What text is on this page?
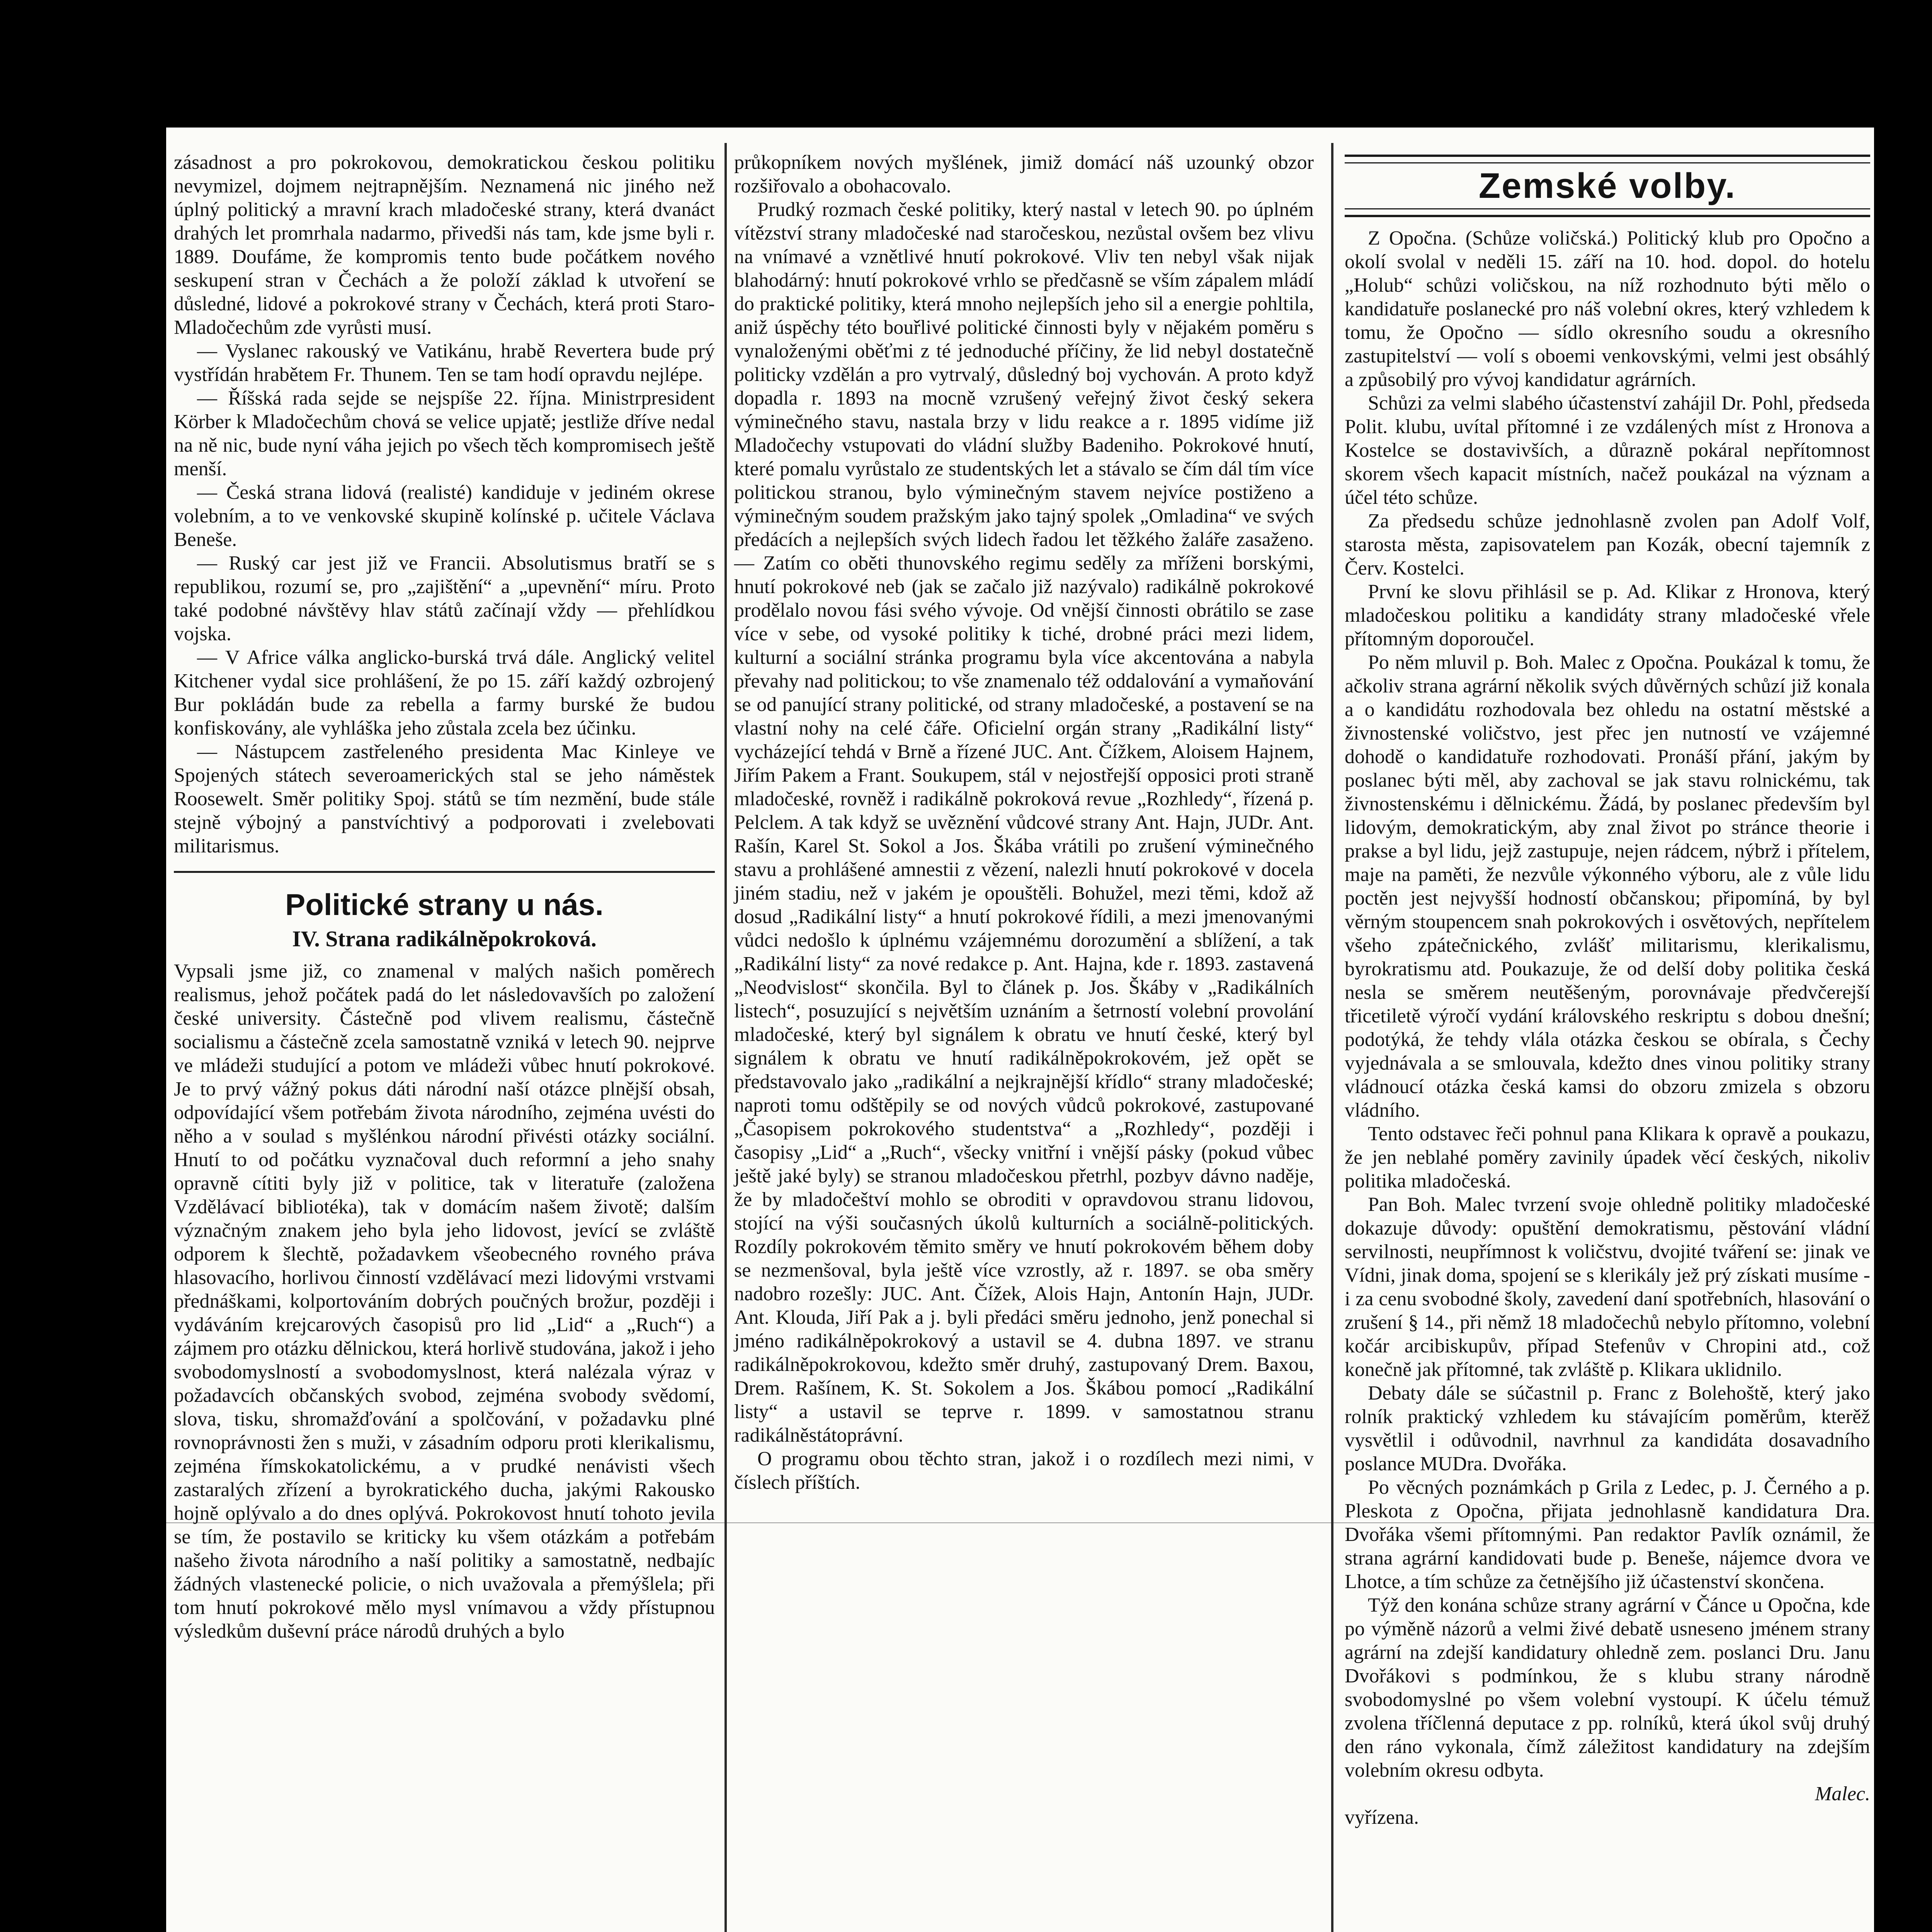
zásadnost a pro pokrokovou, demokratickou českou politiku nevymizel, dojmem nejtrapnějším. Neznamená nic jiného než úplný politický a mravní krach mladočeské strany, která dvanáct drahých let promrhala nadarmo, přivedši nás tam, kde jsme byli r. 1889. Doufáme, že kompromis tento bude počátkem nového seskupení stran v Čechách a že položí základ k utvoření se důsledné, lidové a pokrokové strany v Čechách, která proti Staro-Mladočechům zde vyrůsti musí.

— Vyslanec rakouský ve Vatikánu, hrabě Revertera bude prý vystřídán hrabětem Fr. Thunem. Ten se tam hodí opravdu nejlépe.

— Říšská rada sejde se nejspíše 22. října. Ministrpresident Körber k Mladočechům chová se velice upjatě; jestliže dříve nedal na ně nic, bude nyní váha jejich po všech těch kompromisech ještě menší.

— Česká strana lidová (realisté) kandiduje v jediném okrese volebním, a to ve venkovské skupině kolínské p. učitele Václava Beneše.

— Ruský car jest již ve Francii. Absolutismus bratří se s republikou, rozumí se, pro „zajištění“ a „upevnění“ míru. Proto také podobné návštěvy hlav států začínají vždy — přehlídkou vojska.

— V Africe válka anglicko-burská trvá dále. Anglický velitel Kitchener vydal sice prohlášení, že po 15. září každý ozbrojený Bur pokládán bude za rebella a farmy burské že budou konfiskovány, ale vyhláška jeho zůstala zcela bez účinku.

— Nástupcem zastřeleného presidenta Mac Kinleye ve Spojených státech severoamerických stal se jeho náměstek Roosewelt. Směr politiky Spoj. států se tím nezmění, bude stále stejně výbojný a panstvíchtivý a podporovati i zvelebovati militarismus.

Politické strany u nás.
IV. Strana radikálněpokroková.

Vypsali jsme již, co znamenal v malých našich poměrech realismus, jehož počátek padá do let následovavších po založení české university. Částečně pod vlivem realismu, částečně socialismu a částečně zcela samostatně vzniká v letech 90. nejprve ve mládeži studující a potom ve mládeži vůbec hnutí pokrokové. Je to prvý vážný pokus dáti národní naší otázce plnější obsah, odpovídající všem potřebám života národního, zejména uvésti do něho a v soulad s myšlénkou národní přivésti otázky sociální. Hnutí to od počátku vyznačoval duch reformní a jeho snahy opravně cítiti byly již v politice, tak v literatuře (založena Vzdělávací bibliotéka), tak v domácím našem životě; dalším význačným znakem jeho byla jeho lidovost, jevící se zvláště odporem k šlechtě, požadavkem všeobecného rovného práva hlasovacího, horlivou činností vzdělávací mezi lidovými vrstvami přednáškami, kolportováním dobrých poučných brožur, později i vydáváním krejcarových časopisů pro lid „Lid“ a „Ruch“) a zájmem pro otázku dělnickou, která horlivě studována, jakož i jeho svobodomyslností a svobodomyslnost, která nalézala výraz v požadavcích občanských svobod, zejména svobody svědomí, slova, tisku, shromažďování a spolčování, v požadavku plné rovnoprávnosti žen s muži, v zásadním odporu proti klerikalismu, zejména římskokatolickému, a v prudké nenávisti všech zastaralých zřízení a byrokratického ducha, jakými Rakousko hojně oplývalo a do dnes oplývá. Pokrokovost hnutí tohoto jevila se tím, že postavilo se kriticky ku všem otázkám a potřebám našeho života národního a naší politiky a samostatně, nedbajíc žádných vlastenecké policie, o nich uvažovala a přemýšlela; při tom hnutí pokrokové mělo mysl vnímavou a vždy přístupnou výsledkům duševní práce národů druhých a bylo

průkopníkem nových myšlének, jimiž domácí náš uzounký obzor rozšiřovalo a obohacovalo.

Prudký rozmach české politiky, který nastal v letech 90. po úplném vítězství strany mladočeské nad staročeskou, nezůstal ovšem bez vlivu na vnímavé a vznětlivé hnutí pokrokové. Vliv ten nebyl však nijak blahodárný: hnutí pokrokové vrhlo se předčasně se vším zápalem mládí do praktické politiky, která mnoho nejlepších jeho sil a energie pohltila, aniž úspěchy této bouřlivé politické činnosti byly v nějakém poměru s vynaloženými oběťmi z té jednoduché příčiny, že lid nebyl dostatečně politicky vzdělán a pro vytrvalý, důsledný boj vychován. A proto když dopadla r. 1893 na mocně vzrušený veřejný život český sekera výminečného stavu, nastala brzy v lidu reakce a r. 1895 vidíme již Mladočechy vstupovati do vládní služby Badeniho. Pokrokové hnutí, které pomalu vyrůstalo ze studentských let a stávalo se čím dál tím více politickou stranou, bylo výminečným stavem nejvíce postiženo a výminečným soudem pražským jako tajný spolek „Omladina“ ve svých předácích a nejlepších svých lidech řadou let těžkého žaláře zasaženo. — Zatím co oběti thunovského regimu seděly za mříženi borskými, hnutí pokrokové neb (jak se začalo již nazývalo) radikálně pokrokové prodělalo novou fási svého vývoje. Od vnější činnosti obrátilo se zase více v sebe, od vysoké politiky k tiché, drobné práci mezi lidem, kulturní a sociální stránka programu byla více akcentována a nabyla převahy nad politickou; to vše znamenalo též oddalování a vymaňování se od panující strany politické, od strany mladočeské, a postavení se na vlastní nohy na celé čáře. Oficielní orgán strany „Radikální listy“ vycházející tehdá v Brně a řízené JUC. Ant. Čížkem, Aloisem Hajnem, Jiřím Pakem a Frant. Soukupem, stál v nejostřejší opposici proti straně mladočeské, rovněž i radikálně pokroková revue „Rozhledy“, řízená p. Pelclem. A tak když se uvěznění vůdcové strany Ant. Hajn, JUDr. Ant. Rašín, Karel St. Sokol a Jos. Škába vrátili po zrušení výminečného stavu a prohlášené amnestii z vězení, nalezli hnutí pokrokové v docela jiném stadiu, než v jakém je opouštěli. Bohužel, mezi těmi, kdož až dosud „Radikální listy“ a hnutí pokrokové řídili, a mezi jmenovanými vůdci nedošlo k úplnému vzájemnému dorozumění a sblížení, a tak „Radikální listy“ za nové redakce p. Ant. Hajna, kde r. 1893. zastavená „Neodvislost“ skončila. Byl to článek p. Jos. Škáby v „Radikálních listech“, posuzující s největším uznáním a šetrností volební provolání mladočeské, který byl signálem k obratu ve hnutí české, který byl signálem k obratu ve hnutí radikálněpokrokovém, jež opět se představovalo jako „radikální a nejkrajnější křídlo“ strany mladočeské; naproti tomu odštěpily se od nových vůdců pokrokové, zastupované „Časopisem pokrokového studentstva“ a „Rozhledy“, později i časopisy „Lid“ a „Ruch“, všecky vnitřní i vnější pásky (pokud vůbec ještě jaké byly) se stranou mladočeskou přetrhl, pozbyv dávno naděje, že by mladočeštví mohlo se obroditi v opravdovou stranu lidovou, stojící na výši současných úkolů kulturních a sociálně-politických. Rozdíly pokrokovém těmito směry ve hnutí pokrokovém během doby se nezmenšoval, byla ještě více vzrostly, až r. 1897. se oba směry nadobro rozešly: JUC. Ant. Čížek, Alois Hajn, Antonín Hajn, JUDr. Ant. Klouda, Jiří Pak a j. byli předáci směru jednoho, jenž ponechal si jméno radikálněpokrokový a ustavil se 4. dubna 1897. ve stranu radikálněpokrokovou, kdežto směr druhý, zastupovaný Drem. Baxou, Drem. Rašínem, K. St. Sokolem a Jos. Škábou pomocí „Radikální listy“ a ustavil se teprve r. 1899. v samostatnou stranu radikálněstátoprávní.

O programu obou těchto stran, jakož i o rozdílech mezi nimi, v číslech příštích.

Zemské volby.

Z Opočna. (Schůze voličská.) Politický klub pro Opočno a okolí svolal v neděli 15. září na 10. hod. dopol. do hotelu „Holub“ schůzi voličskou, na níž rozhodnuto býti mělo o kandidatuře poslanecké pro náš volební okres, který vzhledem k tomu, že Opočno — sídlo okresního soudu a okresního zastupitelství — volí s oboemi venkovskými, velmi jest obsáhlý a způsobilý pro vývoj kandidatur agrárních.

Schůzi za velmi slabého účastenství zahájil Dr. Pohl, předseda Polit. klubu, uvítal přítomné i ze vzdálených míst z Hronova a Kostelce se dostavivších, a důrazně pokáral nepřítomnost skorem všech kapacit místních, načež poukázal na význam a účel této schůze.

Za předsedu schůze jednohlasně zvolen pan Adolf Volf, starosta města, zapisovatelem pan Kozák, obecní tajemník z Červ. Kostelci.

První ke slovu přihlásil se p. Ad. Klikar z Hronova, který mladočeskou politiku a kandidáty strany mladočeské vřele přítomným doporoučel.

Po něm mluvil p. Boh. Malec z Opočna. Poukázal k tomu, že ačkoliv strana agrární několik svých důvěrných schůzí již konala a o kandidátu rozhodovala bez ohledu na ostatní městské a živnostenské voličstvo, jest přec jen nutností ve vzájemné dohodě o kandidatuře rozhodovati. Pronáší přání, jakým by poslanec býti měl, aby zachoval se jak stavu rolnickému, tak živnostenskému i dělnickému. Žádá, by poslanec především byl lidovým, demokratickým, aby znal život po stránce theorie i prakse a byl lidu, jejž zastupuje, nejen rádcem, nýbrž i přítelem, maje na paměti, že nezvůle výkonného výboru, ale z vůle lidu poctěn jest nejvyšší hodností občanskou; připomíná, by byl věrným stoupencem snah pokrokových i osvětových, nepřítelem všeho zpátečnického, zvlášť militarismu, klerikalismu, byrokratismu atd. Poukazuje, že od delší doby politika česká nesla se směrem neutěšeným, porovnávaje předvčerejší třicetiletě výročí vydání královského reskriptu s dobou dnešní; podotýká, že tehdy vlála otázka českou se obírala, s Čechy vyjednávala a se smlouvala, kdežto dnes vinou politiky strany vládnoucí otázka česká kamsi do obzoru zmizela s obzoru vládního.

Tento odstavec řeči pohnul pana Klikara k opravě a poukazu, že jen neblahé poměry zavinily úpadek věcí českých, nikoliv politika mladočeská.

Pan Boh. Malec tvrzení svoje ohledně politiky mladočeské dokazuje důvody: opuštění demokratismu, pěstování vládní servilnosti, neupřímnost k voličstvu, dvojité tváření se: jinak ve Vídni, jinak doma, spojení se s klerikály jež prý získati musíme -i za cenu svobodné školy, zavedení daní spotřebních, hlasování o zrušení § 14., při němž 18 mladočechů nebylo přítomno, volební kočár arcibiskupův, případ Stefenův v Chropini atd., což konečně jak přítomné, tak zvláště p. Klikara uklidnilo.

Debaty dále se súčastnil p. Franc z Bolehoště, který jako rolník praktický vzhledem ku stávajícím poměrům, kterěž vysvětlil i odůvodnil, navrhnul za kandidáta dosavadního poslance MUDra. Dvořáka.

Po věcných poznámkách p Grila z Ledec, p. J. Černého a p. Pleskota z Opočna, přijata jednohlasně kandidatura Dra. Dvořáka všemi přítomnými. Pan redaktor Pavlík oznámil, že strana agrární kandidovati bude p. Beneše, nájemce dvora ve Lhotce, a tím schůze za četnějšího již účastenství skončena.

Týž den konána schůze strany agrární v Čánce u Opočna, kde po výměně názorů a velmi živé debatě usneseno jménem strany agrární na zdejší kandidatury ohledně zem. poslanci Dru. Janu Dvořákovi s podmínkou, že s klubu strany národně svobodomyslné po všem volební vystoupí. K účelu témuž zvolena tříčlenná deputace z pp. rolníků, která úkol svůj druhý den ráno vykonala, čímž záležitost kandidatury na zdejším volebním okresu odbyta.

Malec.

vyřízena.
